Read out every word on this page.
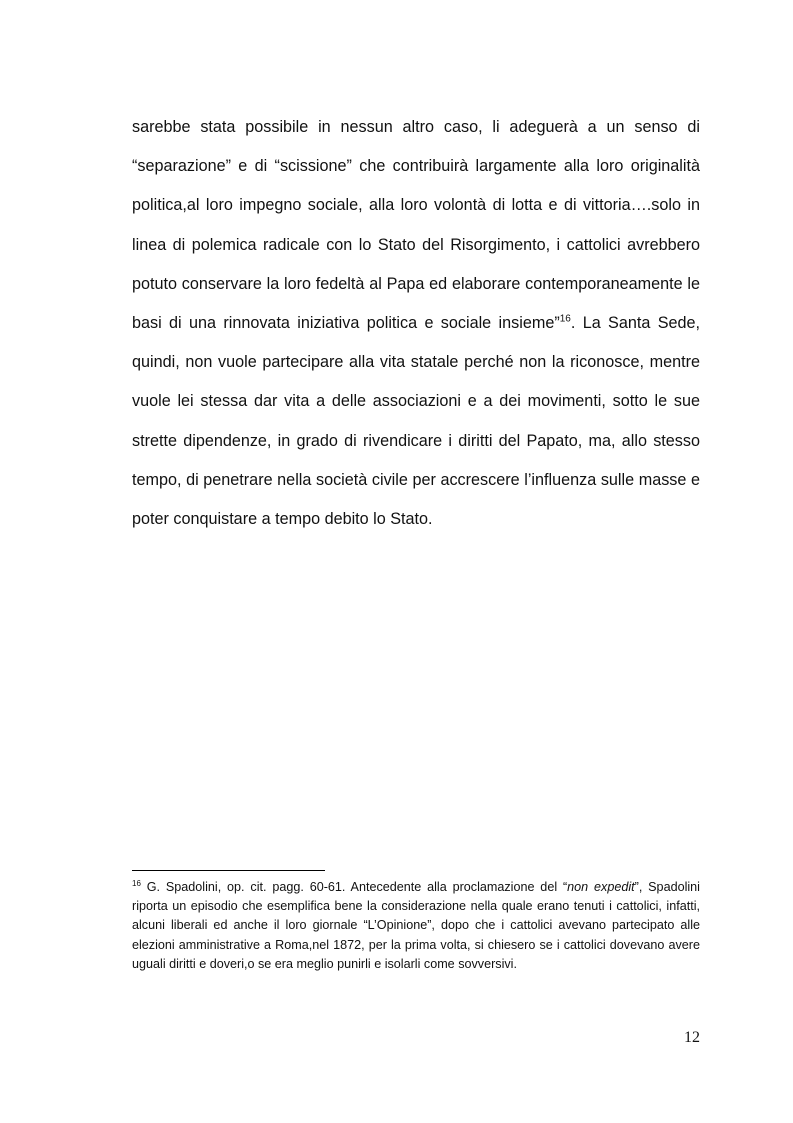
sarebbe stata possibile in nessun altro caso, li adeguerà a un senso di “separazione” e di “scissione” che contribuirà largamente alla loro originalità politica,al loro impegno sociale, alla loro volontà di lotta e di vittoria….solo in linea di polemica radicale con lo Stato del Risorgimento, i cattolici avrebbero potuto conservare la loro fedeltà al Papa ed elaborare contemporaneamente le basi di una rinnovata iniziativa politica e sociale insieme”$^{16}$. La Santa Sede, quindi, non vuole partecipare alla vita statale perché non la riconosce, mentre vuole lei stessa dar vita a delle associazioni e a dei movimenti, sotto le sue strette dipendenze, in grado di rivendicare i diritti del Papato, ma, allo stesso tempo, di penetrare nella società civile per accrescere l’influenza sulle masse e poter conquistare a tempo debito lo Stato.

$^{16}$ G. Spadolini, op. cit. pagg. 60-61. Antecedente alla proclamazione del “non expedit”, Spadolini riporta un episodio che esemplifica bene la considerazione nella quale erano tenuti i cattolici, infatti, alcuni liberali ed anche il loro giornale “L’Opinione”, dopo che i cattolici avevano partecipato alle elezioni amministrative a Roma,nel 1872, per la prima volta, si chiesero se i cattolici dovevano avere uguali diritti e doveri,o se era meglio punirli e isolarli come sovversivi.

12
